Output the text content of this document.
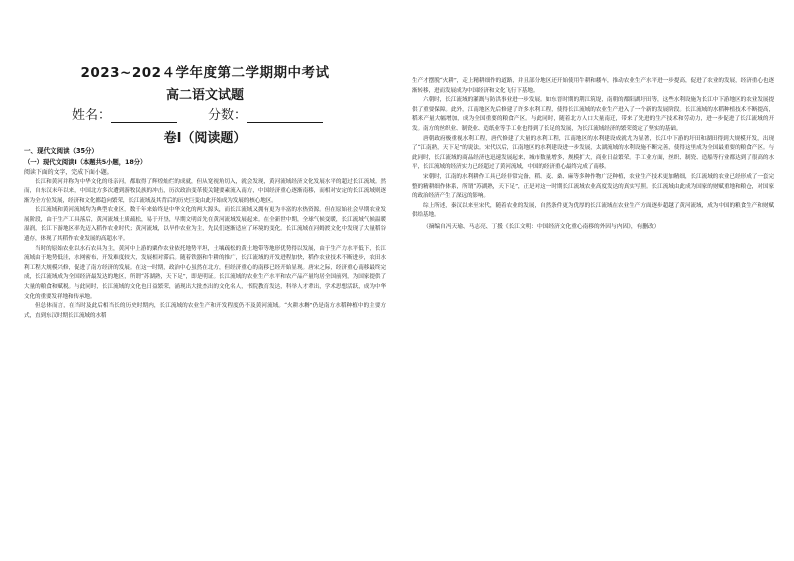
2023~202４学年度第二学期期中考试
高二语文试题
姓名：	分数：
卷Ⅰ（阅读题）

一、现代文阅读（35分）

（一）现代文阅读Ⅰ（本题共5小题，18分）

阅读下面的文字，完成下面小题。

长江和黄河并称为中华文化的母亲河，都取得了辉煌灿烂的成就，但从宽视角切入，就会发现，黄河流域经济文化发展水平的超过长江流域。然而，自东汉末年以来，中国北方多次遭到游牧民族的冲击，历次政治变革使关键要素流入南方，中国经济重心逐渐南移，而相对安定的长江流域则逐渐为全方位发展，经济和文化都趋向繁荣，长江流域及其背后的历史巨变由此开始成为发展的核心地区。

长江流域和黄河流域均为典型农业区，数千年来始终是中华文化的两大源头，而长江流域又拥有更为丰富的水热资源。但在原始社会早期农业发展阶段，由于生产工具落后，黄河流域土质疏松，易于开垦，早期文明首先在黄河流域发展起来。在全新世中期，全球气候变暖，长江流域气候温暖湿润，长江下游地区率先迈入稻作农业时代；黄河流域，以旱作农业为主，先民们逐渐适应了环境的变化。长江流域在河姆渡文化中发现了大量稻谷遗存，体现了其稻作农业发展的高超水平。

当时的原始农业以水石农具为主，黄河中上游的粟作农业依托地势平坦，土壤疏松的黄土地带等地形优势得以发展，由于生产力水平低下，长江流域由于地势低洼，水网密布，开发难度较大，发展相对滞后。随着铁器和牛耕的推广，长江流域的开发进程加快，稻作农业技术不断进步，农田水利工程大规模兴修，促进了南方经济的发展。在这一时期，政治中心虽然在北方，但经济重心的南移已经开始显现。唐宋之际，经济重心南移最终完成，长江流域成为全国经济最发达的地区，所谓“苏湖熟，天下足”，即是明证。长江流域的农业生产水平和农产品产量均居全国前列，为国家提供了大量的粮食和赋税。与此同时，长江流域的文化也日益繁荣，涌现出大批杰出的文化名人，书院教育发达，科举人才辈出，学术思想活跃，成为中华文化的重要发祥地和传承地。

但总体而言，在当时及此后相当长的历史时期内，长江流域的农业生产和开发程度仍不及黄河流域。“火耕水耨”仍是南方水稻种植中的主要方式，直到东汉时期长江流域的水稻

生产才摆脱“火耕”，走上精耕细作的道路，并且部分地区还开始使用牛耕和耧车，推动农业生产水平进一步提高，促进了农业的发展，经济重心也逐渐转移，进而发展成为中国经济和文化飞行下基地。

六朝时，长江流域的灌溉与防洪事业进一步发展。如东晋时期的荆江筑堤，南朝的都阳湖圩田等，这些水利设施为长江中下游地区的农业发展提供了重要保障。此外，江南地区先后修建了许多水利工程，使得长江流域的农业生产进入了一个新的发展阶段。长江流域的水稻种植技术不断提高，稻米产量大幅增加，成为全国重要的粮食产区。与此同时，随着北方人口大量南迁，带来了先进的生产技术和劳动力，进一步促进了长江流域的开发。南方的丝织业、制瓷业、造纸业等手工业也得到了长足的发展，为长江流域经济的繁荣奠定了坚实的基础。

唐朝政府极重视水利工程，唐代修建了大量的水利工程，江南地区的水利建设成就尤为显著，长江中下游的圩田和湖田得到大规模开发，出现了“江南熟，天下足”的说法。宋代以后，江南地区的水利建设进一步发展，太湖流域的水利设施不断完善，使得这里成为全国最重要的粮食产区。与此同时，长江流域的商品经济也迅速发展起来，城市数量增多，规模扩大，商业日益繁荣。手工业方面，丝织、制瓷、造船等行业都达到了很高的水平，长江流域的经济实力已经超过了黄河流域，中国的经济重心最终完成了南移。

宋朝时，江南的水利耕作工具已经非常完备，稻、麦、桑、麻等多种作物广泛种植，农业生产技术更加精细，长江流域的农业已经形成了一套完整的精耕细作体系，所谓“苏湖熟，天下足”，正是对这一时期长江流域农业高度发达的真实写照。长江流域由此成为国家的财赋重地和粮仓，对国家的政治经济产生了深远的影响。

综上所述，秦汉以来至宋代，随着农业的发展，自然条件更为优厚的长江流域在农业生产方面逐步超越了黄河流域，成为中国的粮食生产和财赋供给基地。

（摘编自冯天瑜、马志亮、丁援《长江文明：中国经济文化重心南移的外因与内因》，有删改）
